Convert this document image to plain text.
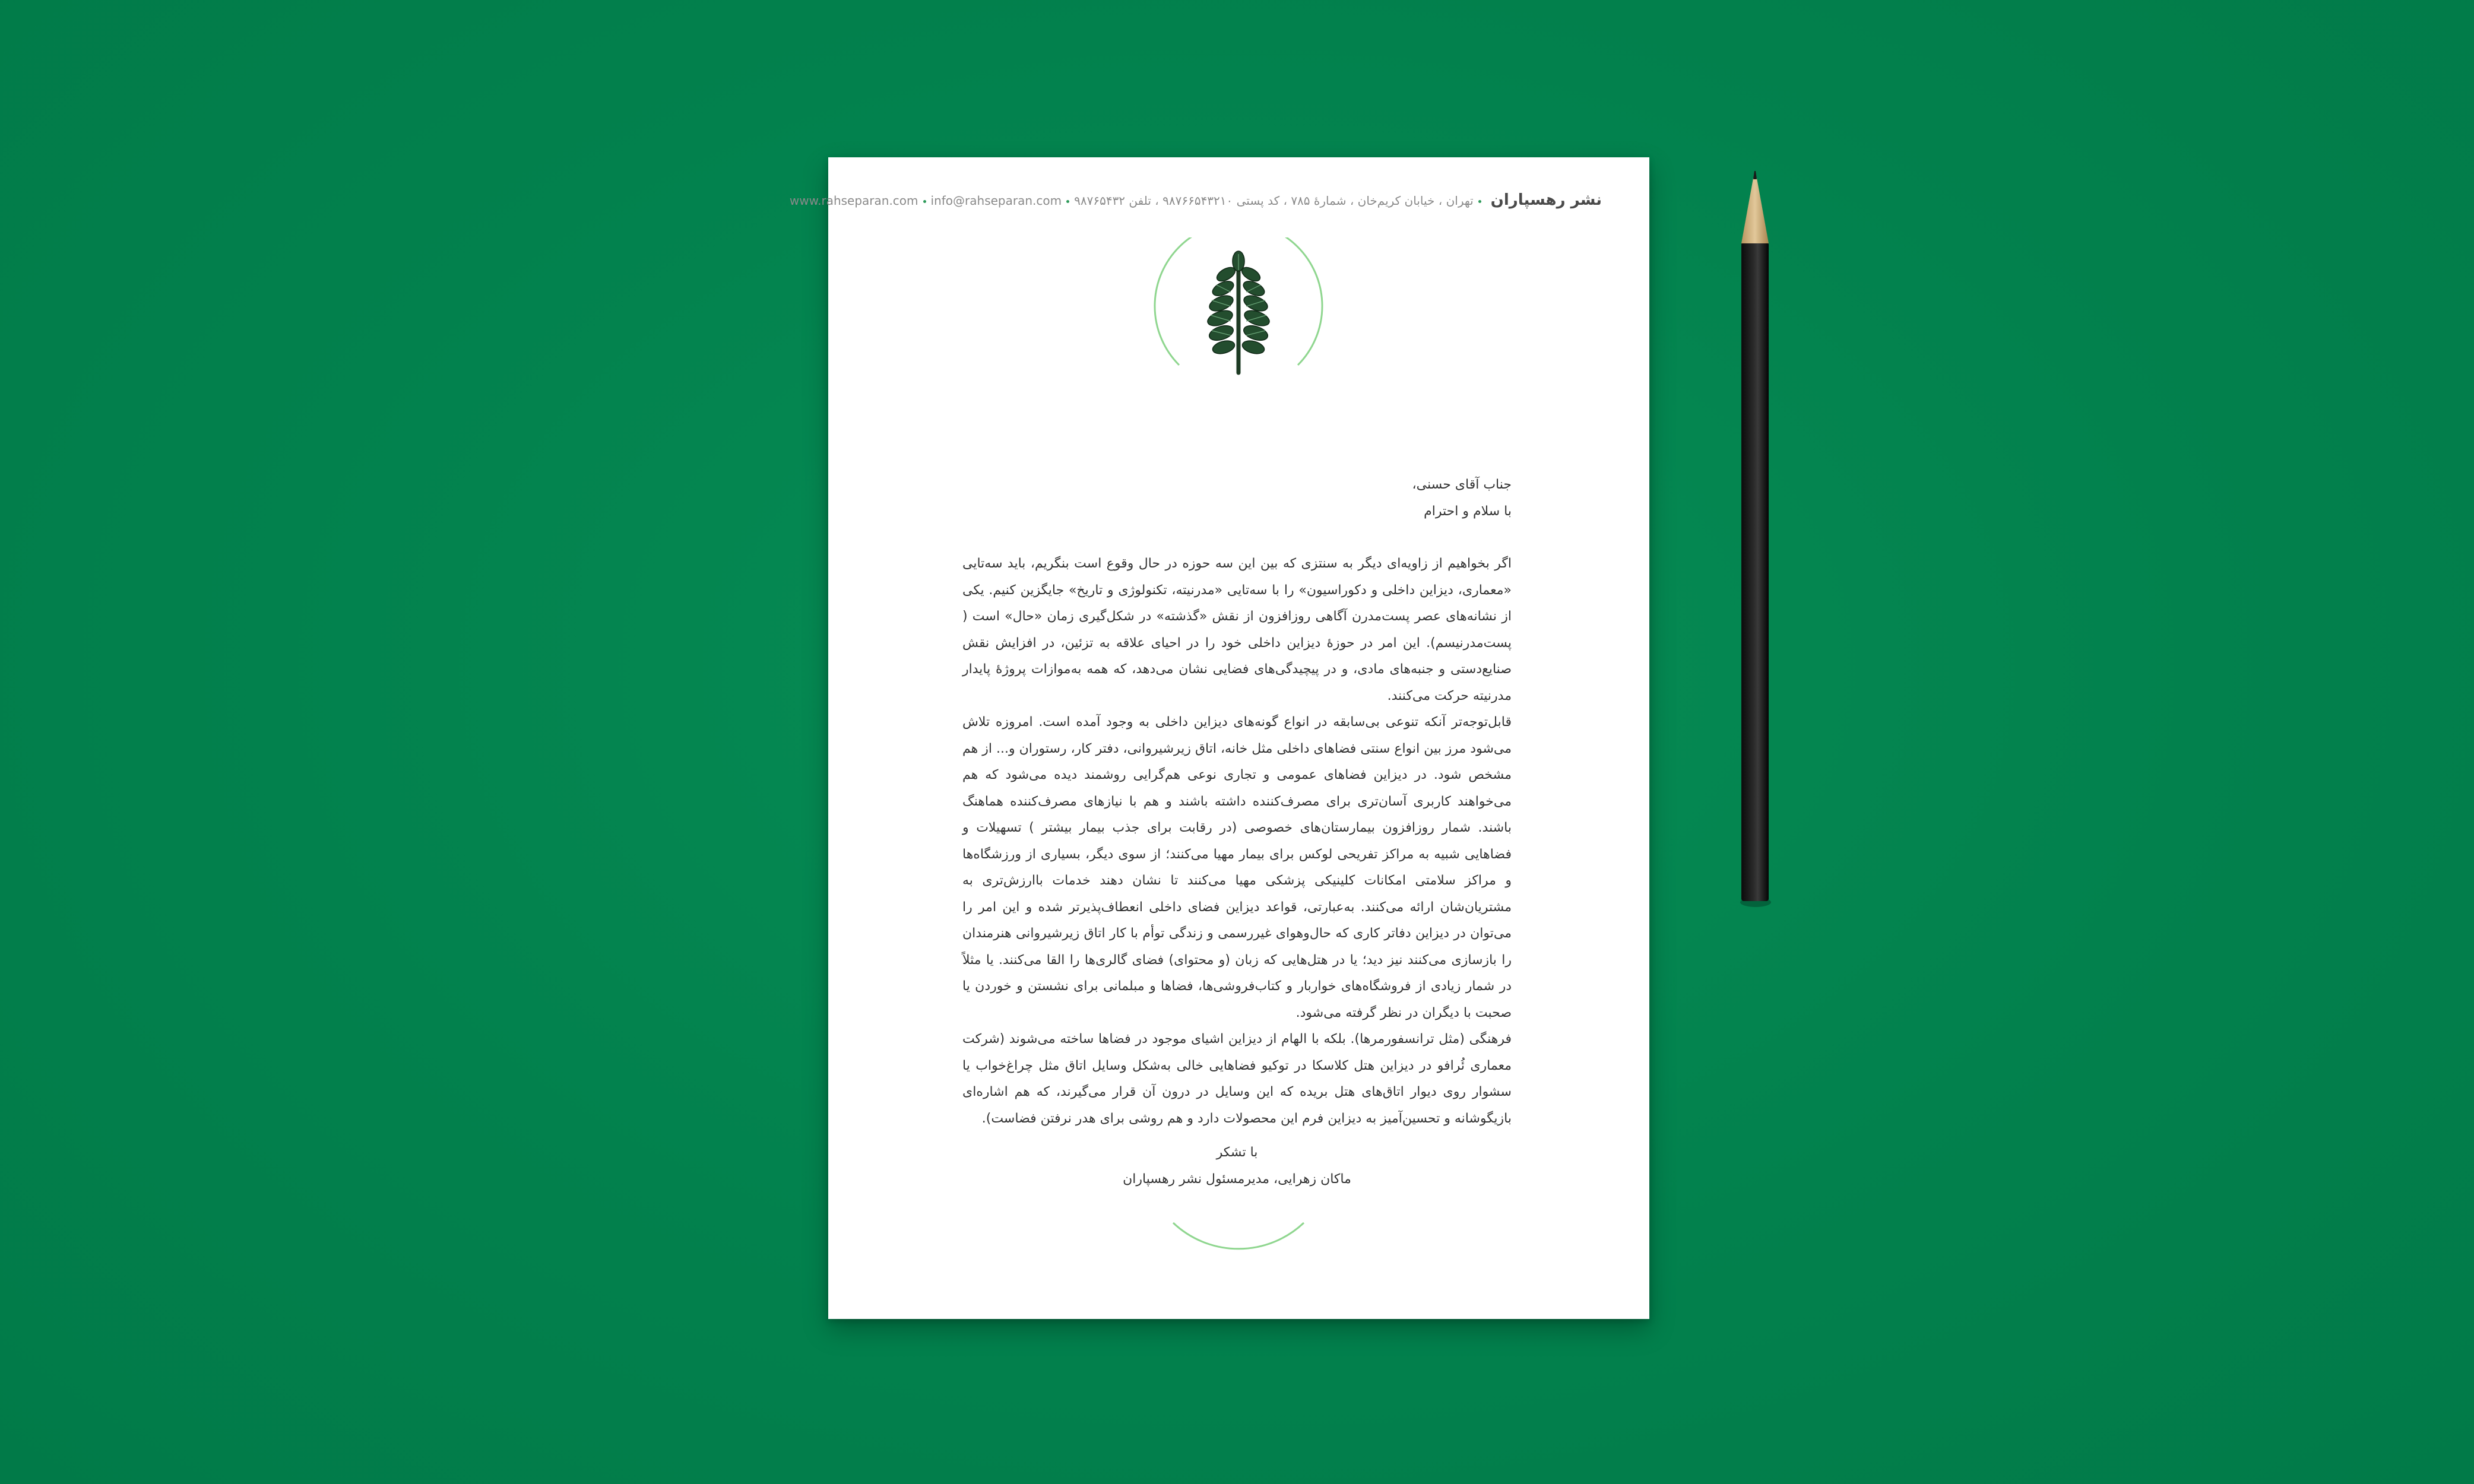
نشر رهسپارانتهران ، خیابان کریم‌خان ، شمارهٔ ۷۸۵ ، کد پستی ۹۸۷۶۶۵۴۳۲۱۰ ، تلفن ۹۸۷۶۵۴۳۲www.rahseparan.com info@rahseparan.com

جناب آقای حسنی،

با سلام و احترام

اگر بخواهیم از زاویه‌ای دیگر به سنتزی که بین این سه حوزه در حال وقوع است بنگریم، باید سه‌تایی «معماری، دیزاین داخلی و دکوراسیون» را با سه‌تایی «مدرنیته، تکنولوژی و تاریخ» جایگزین کنیم. یکی از نشانه‌های عصر پست‌مدرن آگاهی روزافزون از نقش «گذشته» در شکل‌گیری زمان «حال» است ( پست‌مدرنیسم). این امر در حوزهٔ دیزاین داخلی خود را در احیای علاقه به تزئین، در افزایش نقش صنایع‌دستی و جنبه‌های مادی، و در پیچیدگی‌های فضایی نشان می‌دهد، که همه به‌موازات پروژهٔ پایدار مدرنیته حرکت می‌کنند.

قابل‌توجه‌تر آنکه تنوعی بی‌سابقه در انواع گونه‌های دیزاین داخلی به وجود آمده است. امروزه تلاش می‌شود مرز بین انواع سنتی فضاهای داخلی مثل خانه، اتاق زیرشیروانی، دفتر کار، رستوران و... از هم مشخص شود. در دیزاین فضاهای عمومی و تجاری نوعی هم‌گرایی روشمند دیده می‌شود که هم می‌خواهند کاربری آسان‌تری برای مصرف‌کننده داشته باشند و هم با نیازهای مصرف‌کننده هماهنگ باشند. شمار روزافزون بیمارستان‌های خصوصی (در رقابت برای جذب بیمار بیشتر ) تسهیلات و فضاهایی شبیه به مراکز تفریحی لوکس برای بیمار مهیا می‌کنند؛ از سوی دیگر، بسیاری از ورزشگاه‌ها و مراکز سلامتی امکانات کلینیکی پزشکی مهیا می‌کنند تا نشان دهند خدمات باارزش‌تری به مشتریان‌شان ارائه می‌کنند. به‌عبارتی، قواعد دیزاین فضای داخلی انعطاف‌پذیرتر شده و این امر را می‌توان در دیزاین دفاتر کاری که حال‌وهوای غیررسمی و زندگی توأم با کار اتاق زیرشیروانی هنرمندان را بازسازی می‌کنند نیز دید؛ یا در هتل‌هایی که زبان (و محتوای) فضای گالری‌ها را القا می‌کنند. یا مثلاً در شمار زیادی از فروشگاه‌های خواربار و کتاب‌فروشی‌ها، فضاها و مبلمانی برای نشستن و خوردن یا صحبت با دیگران در نظر گرفته می‌شود.

فرهنگی (مثل ترانسفورمرها). بلکه با الهام از دیزاین اشیای موجود در فضاها ساخته می‌شوند (شرکت معماری ئُرافو در دیزاین هتل کلاسکا در توکیو فضاهایی خالی به‌شکل وسایل اتاق مثل چراغ‌خواب یا سشوار روی دیوار اتاق‌های هتل بریده که این وسایل در درون آن قرار می‌گیرند، که هم اشاره‌ای بازیگوشانه و تحسین‌آمیز به دیزاین فرم این محصولات دارد و هم روشی برای هدر نرفتن فضاست).

با تشکر

ماکان زهرایی، مدیرمسئول نشر رهسپاران
